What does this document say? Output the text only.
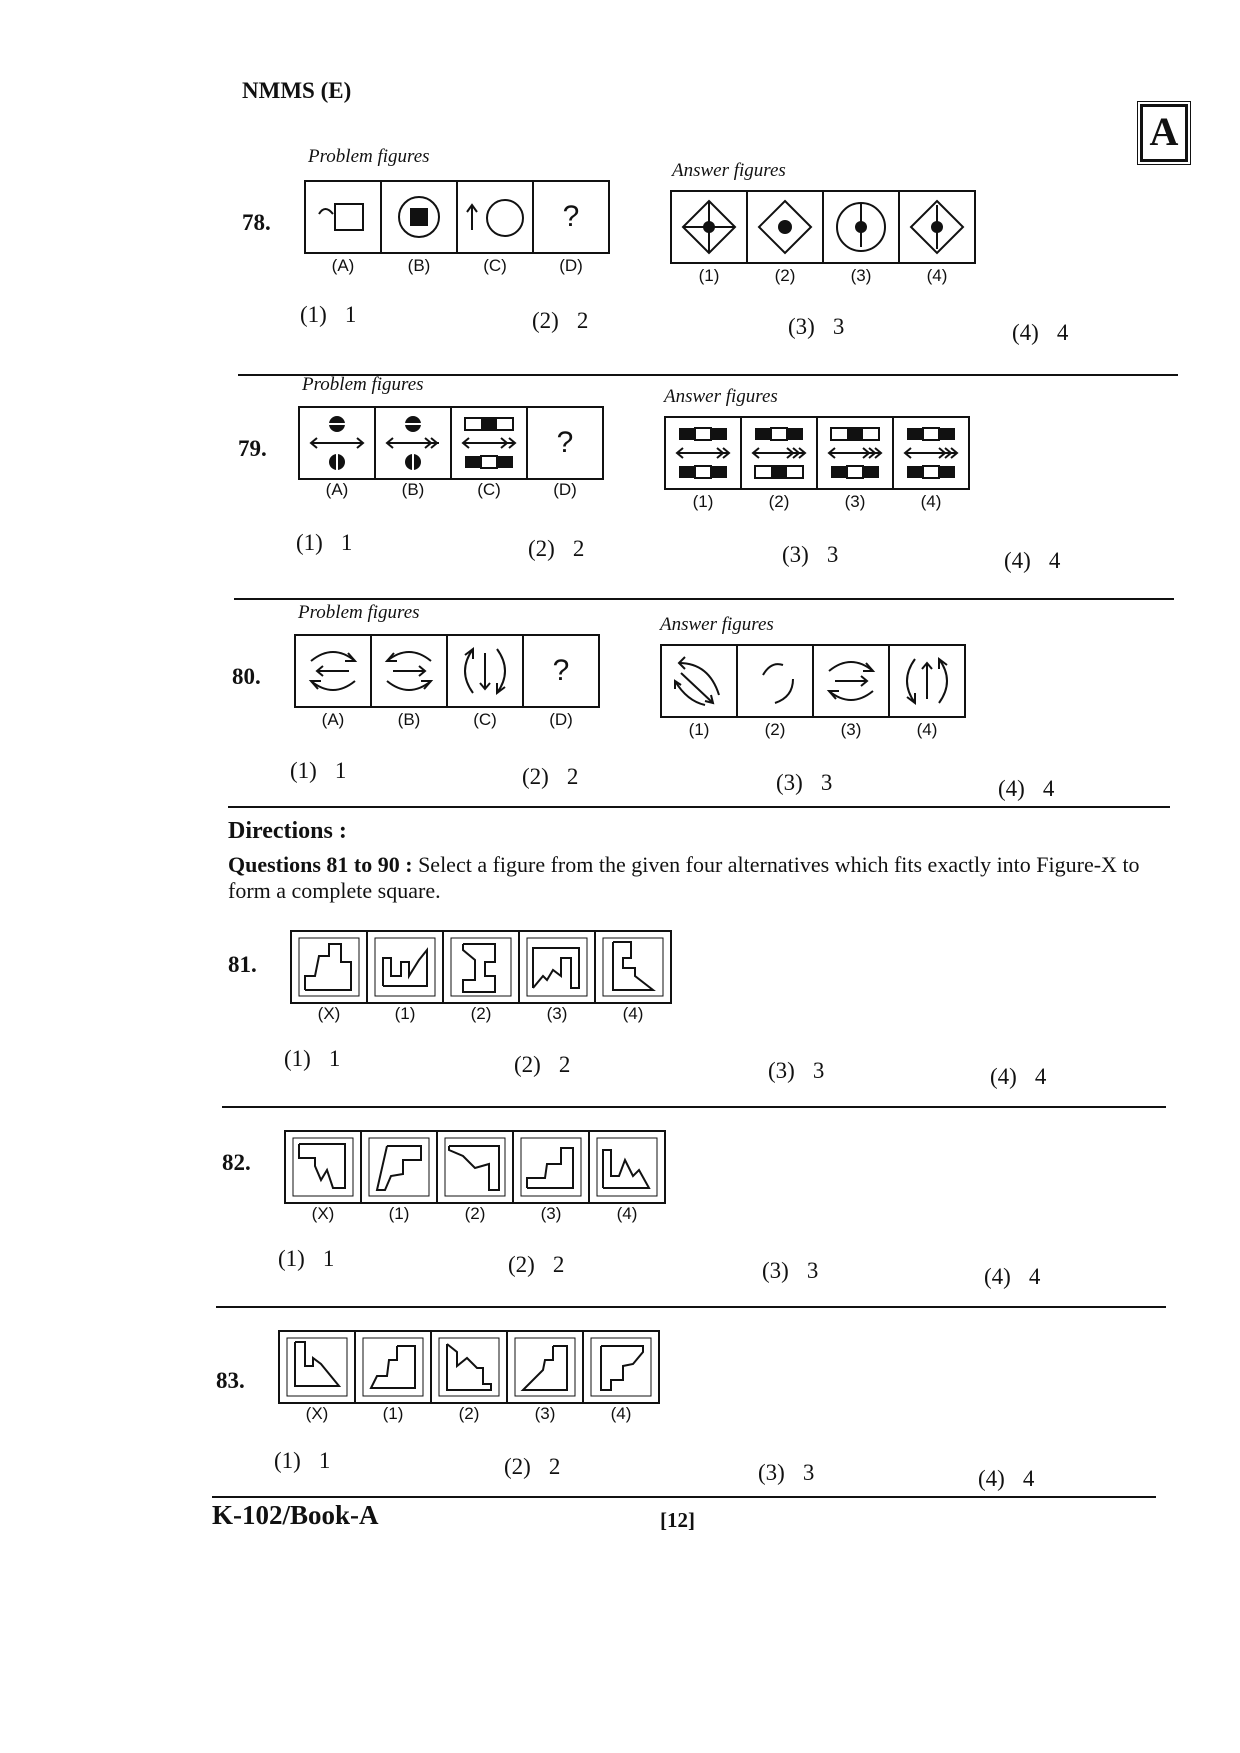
NMMS (E)
A
Problem figures
78.	?
(A)	(B)	(C)	(D)
Answer figures
(1)	(2)	(3)	(4)
(1) 1	(2) 2	(3) 3	(4) 4
Problem figures
79.	?
(A)	(B)	(C)	(D)
Answer figures
(1)	(2)	(3)	(4)
(1) 1	(2) 2	(3) 3	(4) 4
Problem figures
80.	?
(A)	(B)	(C)	(D)
Answer figures
(1)	(2)	(3)	(4)
(1) 1	(2) 2	(3) 3	(4) 4
Directions :
Questions 81 to 90 : Select a figure from the given four alternatives which fits exactly into Figure-X to form a complete square.
81.
(X)	(1)	(2)	(3)	(4)
(1) 1	(2) 2	(3) 3	(4) 4
82.
(X)	(1)	(2)	(3)	(4)
(1) 1	(2) 2	(3) 3	(4) 4
83.
(X)	(1)	(2)	(3)	(4)
(1) 1	(2) 2	(3) 3	(4) 4
K-102/Book-A	[12]
